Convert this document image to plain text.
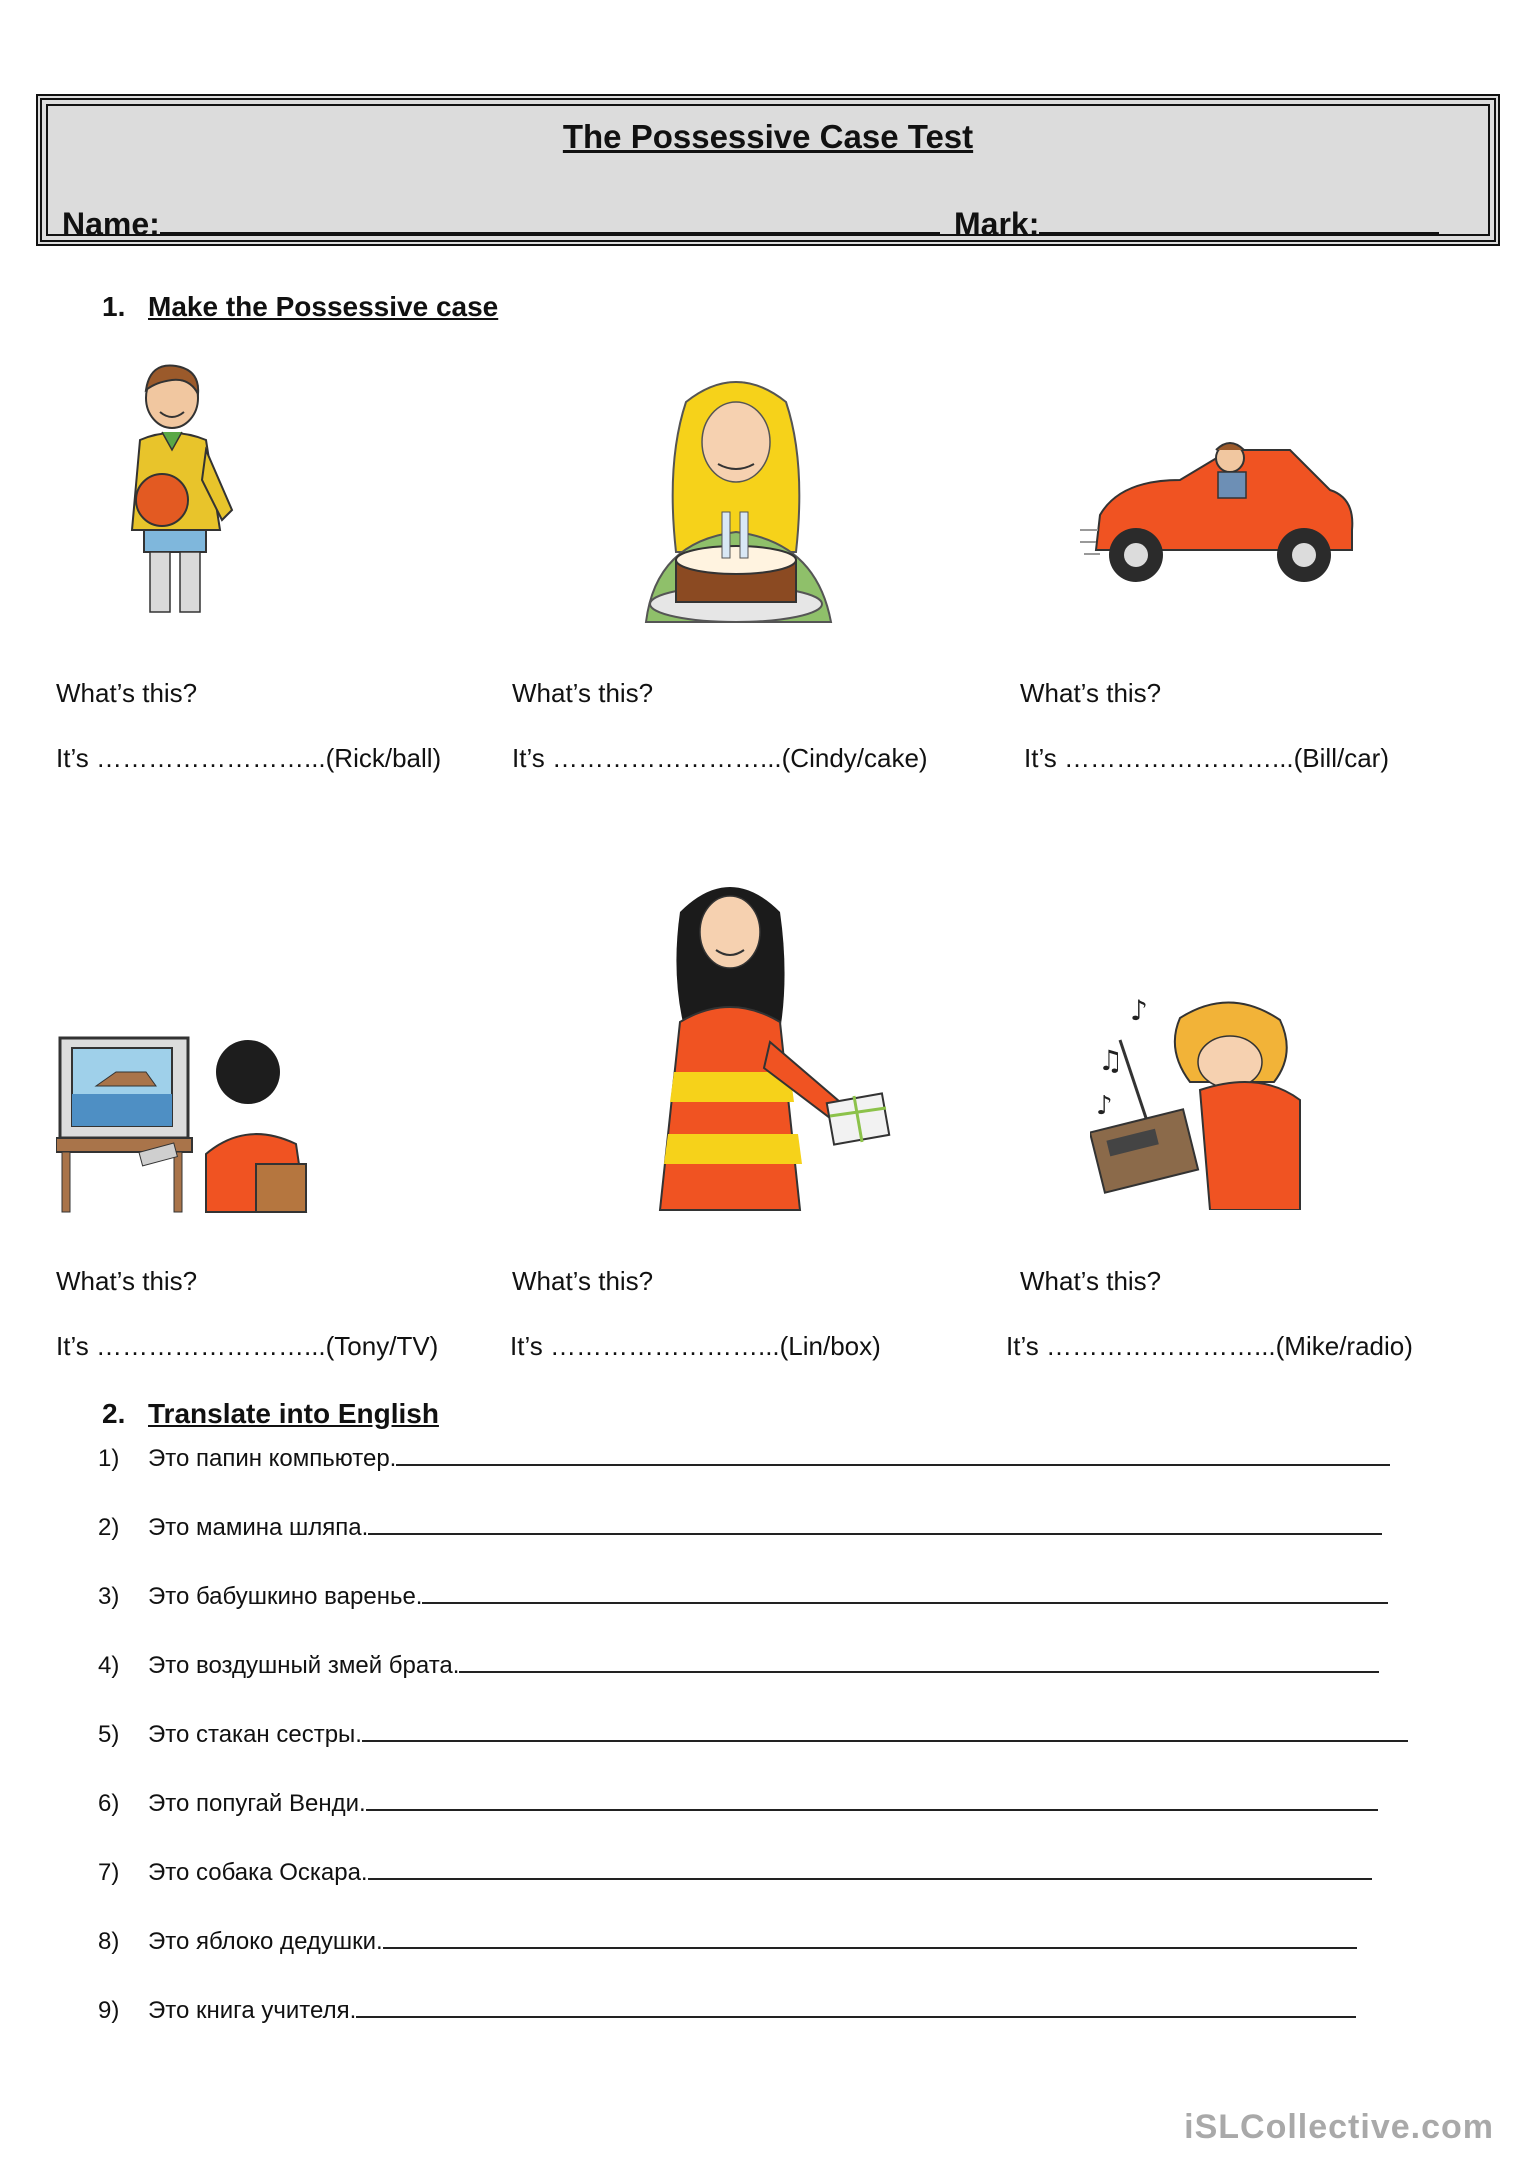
The Possessive Case Test
Name:	Mark:
1. Make the Possessive case
♪
♫
♪
What’s this?
It’s ……………………...(Rick/ball)
What’s this?
It’s ……………………...(Cindy/cake)
What’s this?
It’s ……………………...(Bill/car)
What’s this?
It’s ……………………...(Tony/TV)
What’s this?
It’s ……………………...(Lin/box)
What’s this?
It’s ……………………...(Mike/radio)
2. Translate into English
1) Это папин компьютер.
2) Это мамина шляпа.
3) Это бабушкино варенье.
4) Это воздушный змей брата.
5) Это стакан сестры.
6) Это попугай Венди.
7) Это собака Оскара.
8) Это яблоко дедушки.
9) Это книга учителя.
iSLCollective.com
